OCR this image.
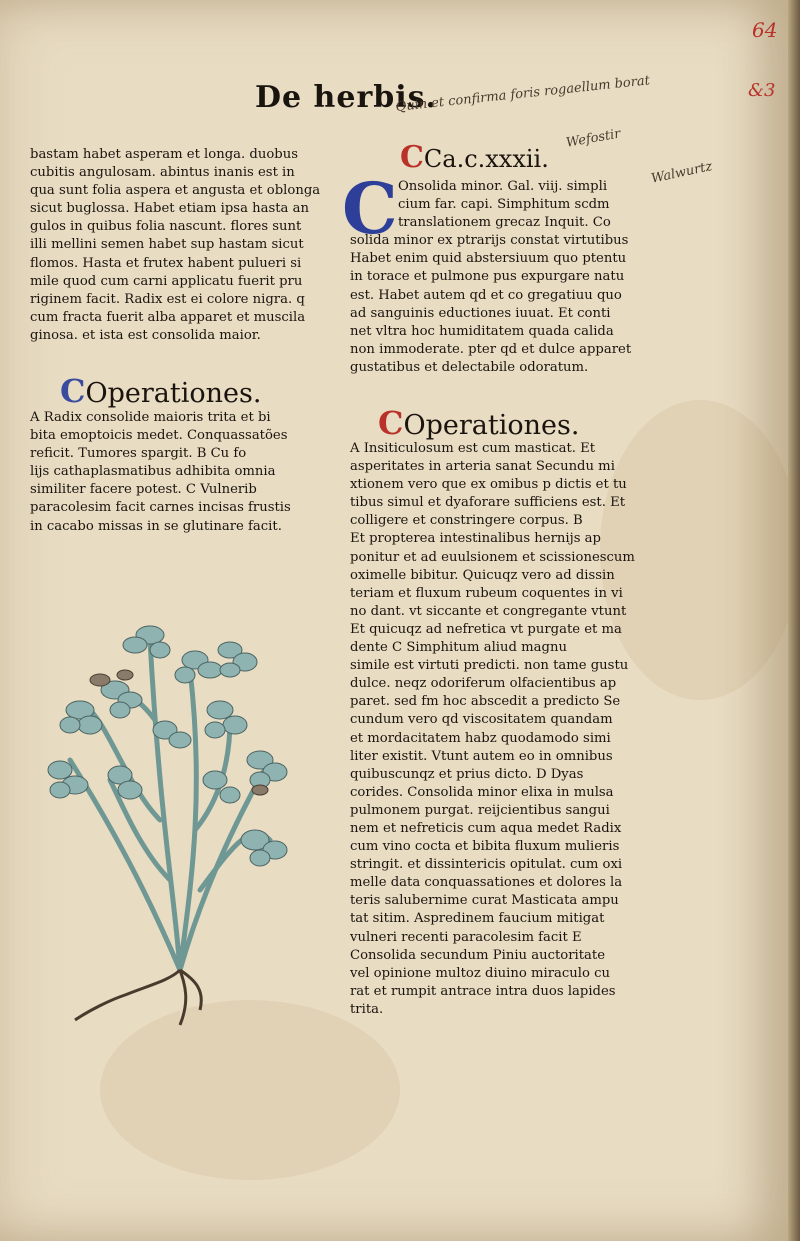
64
De herbis.
Quin et confirma foris rogaellum borat
Wefostir
Walwurtz
&3

bastam habet asperam et longa. duobus

cubitis angulosam. abintus inanis est in

qua sunt folia aspera et angusta et oblonga

sicut buglossa. Habet etiam ipsa hasta an

gulos in quibus folia nascunt. flores sunt

illi mellini semen habet sup hastam sicut

flomos. Hasta et frutex habent pulueri si

mile quod cum carni applicatu fuerit pru

riginem facit. Radix est ei colore nigra. q

cum fracta fuerit alba apparet et muscila

ginosa. et ista est consolida maior.

COperationes.

A Radix consolide maioris trita et bi

bita emoptoicis medet. Conquassatões

reficit. Tumores spargit. B Cu fo

lijs cathaplasmatibus adhibita omnia

similiter facere potest. C Vulnerib

paracolesim facit carnes incisas frustis

in cacabo missas in se glutinare facit.

CCa.c.xxxii.
C Onsolida minor. Gal. viij. simpli

cium far. capi. Simphitum scdm

translationem grecaz Inquit. Co

solida minor ex ptrarijs constat virtutibus

Habet enim quid abstersiuum quo ptentu

in torace et pulmone pus expurgare natu

est. Habet autem qd et co gregatiuu quo

ad sanguinis eductiones iuuat. Et conti

net vltra hoc humiditatem quada calida

non immoderate. pter qd et dulce apparet

gustatibus et delectabile odoratum.

COperationes.

A Insiticulosum est cum masticat. Et

asperitates in arteria sanat Secundu mi

xtionem vero que ex omibus p dictis et tu

tibus simul et dyaforare sufficiens est. Et

colligere et constringere corpus. B

Et propterea intestinalibus hernijs ap

ponitur et ad euulsionem et scissionescum

oximelle bibitur. Quicuqz vero ad dissin

teriam et fluxum rubeum coquentes in vi

no dant. vt siccante et congregante vtunt

Et quicuqz ad nefretica vt purgate et ma

dente C Simphitum aliud magnu

simile est virtuti predicti. non tame gustu

dulce. neqz odoriferum olfacientibus ap

paret. sed fm hoc abscedit a predicto Se

cundum vero qd viscositatem quandam

et mordacitatem habz quodamodo simi

liter existit. Vtunt autem eo in omnibus

quibuscunqz et prius dicto. D Dyas

corides. Consolida minor elixa in mulsa

pulmonem purgat. reijcientibus sangui

nem et nefreticis cum aqua medet Radix

cum vino cocta et bibita fluxum mulieris

stringit. et dissintericis opitulat. cum oxi

melle data conquassationes et dolores la

teris salubernime curat Masticata ampu

tat sitim. Aspredinem faucium mitigat

vulneri recenti paracolesim facit E

Consolida secundum Piniu auctoritate

vel opinione multoz diuino miraculo cu

rat et rumpit antrace intra duos lapides

trita.
